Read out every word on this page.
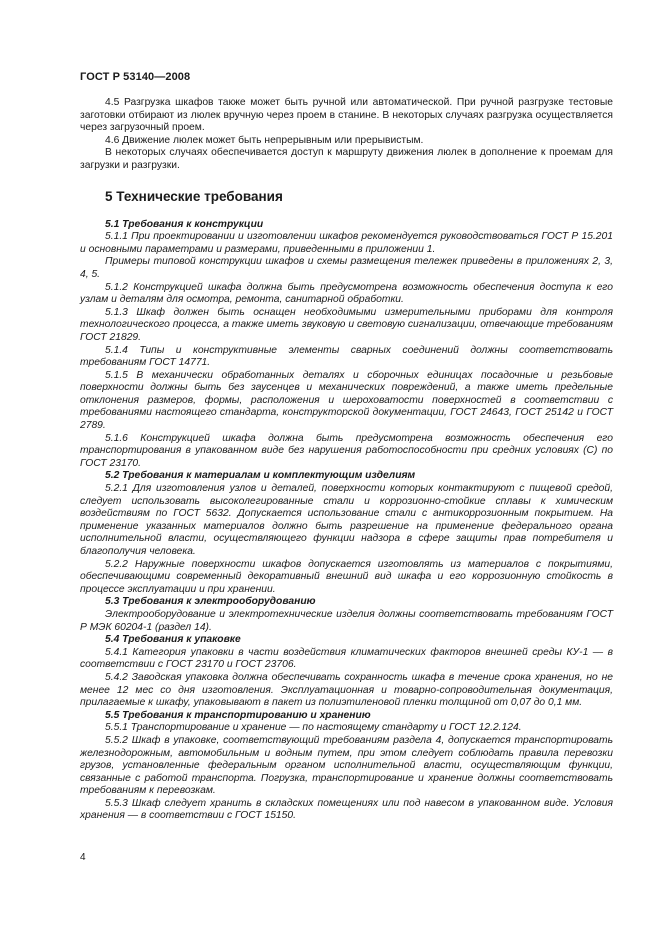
ГОСТ Р 53140—2008

4.5 Разгрузка шкафов также может быть ручной или автоматической. При ручной разгрузке тестовые заготовки отбирают из люлек вручную через проем в станине. В некоторых случаях разгрузка осуществляется через загрузочный проем.

4.6 Движение люлек может быть непрерывным или прерывистым.

В некоторых случаях обеспечивается доступ к маршруту движения люлек в дополнение к проемам для загрузки и разгрузки.

5 Технические требования
5.1 Требования к конструкции

5.1.1 При проектировании и изготовлении шкафов рекомендуется руководствоваться ГОСТ Р 15.201 и основными параметрами и размерами, приведенными в приложении 1.

Примеры типовой конструкции шкафов и схемы размещения тележек приведены в приложениях 2, 3, 4, 5.

5.1.2 Конструкцией шкафа должна быть предусмотрена возможность обеспечения доступа к его узлам и деталям для осмотра, ремонта, санитарной обработки.

5.1.3 Шкаф должен быть оснащен необходимыми измерительными приборами для контроля технологического процесса, а также иметь звуковую и световую сигнализации, отвечающие требованиям ГОСТ 21829.

5.1.4 Типы и конструктивные элементы сварных соединений должны соответствовать требованиям ГОСТ 14771.

5.1.5 В механически обработанных деталях и сборочных единицах посадочные и резьбовые поверхности должны быть без заусенцев и механических повреждений, а также иметь предельные отклонения размеров, формы, расположения и шероховатости поверхностей в соответствии с требованиями настоящего стандарта, конструкторской документации, ГОСТ 24643, ГОСТ 25142 и ГОСТ 2789.

5.1.6 Конструкцией шкафа должна быть предусмотрена возможность обеспечения его транспортирования в упакованном виде без нарушения работоспособности при средних условиях (С) по ГОСТ 23170.

5.2 Требования к материалам и комплектующим изделиям

5.2.1 Для изготовления узлов и деталей, поверхности которых контактируют с пищевой средой, следует использовать высоколегированные стали и коррозионно-стойкие сплавы к химическим воздействиям по ГОСТ 5632. Допускается использование стали с антикоррозионным покрытием. На применение указанных материалов должно быть разрешение на применение федерального органа исполнительной власти, осуществляющего функции надзора в сфере защиты прав потребителя и благополучия человека.

5.2.2 Наружные поверхности шкафов допускается изготовлять из материалов с покрытиями, обеспечивающими современный декоративный внешний вид шкафа и его коррозионную стойкость в процессе эксплуатации и при хранении.

5.3 Требования к электрооборудованию

Электрооборудование и электротехнические изделия должны соответствовать требованиям ГОСТ Р МЭК 60204-1 (раздел 14).

5.4 Требования к упаковке

5.4.1 Категория упаковки в части воздействия климатических факторов внешней среды КУ-1 — в соответствии с ГОСТ 23170 и ГОСТ 23706.

5.4.2 Заводская упаковка должна обеспечивать сохранность шкафа в течение срока хранения, но не менее 12 мес со дня изготовления. Эксплуатационная и товарно-сопроводительная документация, прилагаемые к шкафу, упаковывают в пакет из полиэтиленовой пленки толщиной от 0,07 до 0,1 мм.

5.5 Требования к транспортированию и хранению

5.5.1 Транспортирование и хранение — по настоящему стандарту и ГОСТ 12.2.124.

5.5.2 Шкаф в упаковке, соответствующий требованиям раздела 4, допускается транспортировать железнодорожным, автомобильным и водным путем, при этом следует соблюдать правила перевозки грузов, установленные федеральным органом исполнительной власти, осуществляющим функции, связанные с работой транспорта. Погрузка, транспортирование и хранение должны соответствовать требованиям к перевозкам.

5.5.3 Шкаф следует хранить в складских помещениях или под навесом в упакованном виде. Условия хранения — в соответствии с ГОСТ 15150.

4
